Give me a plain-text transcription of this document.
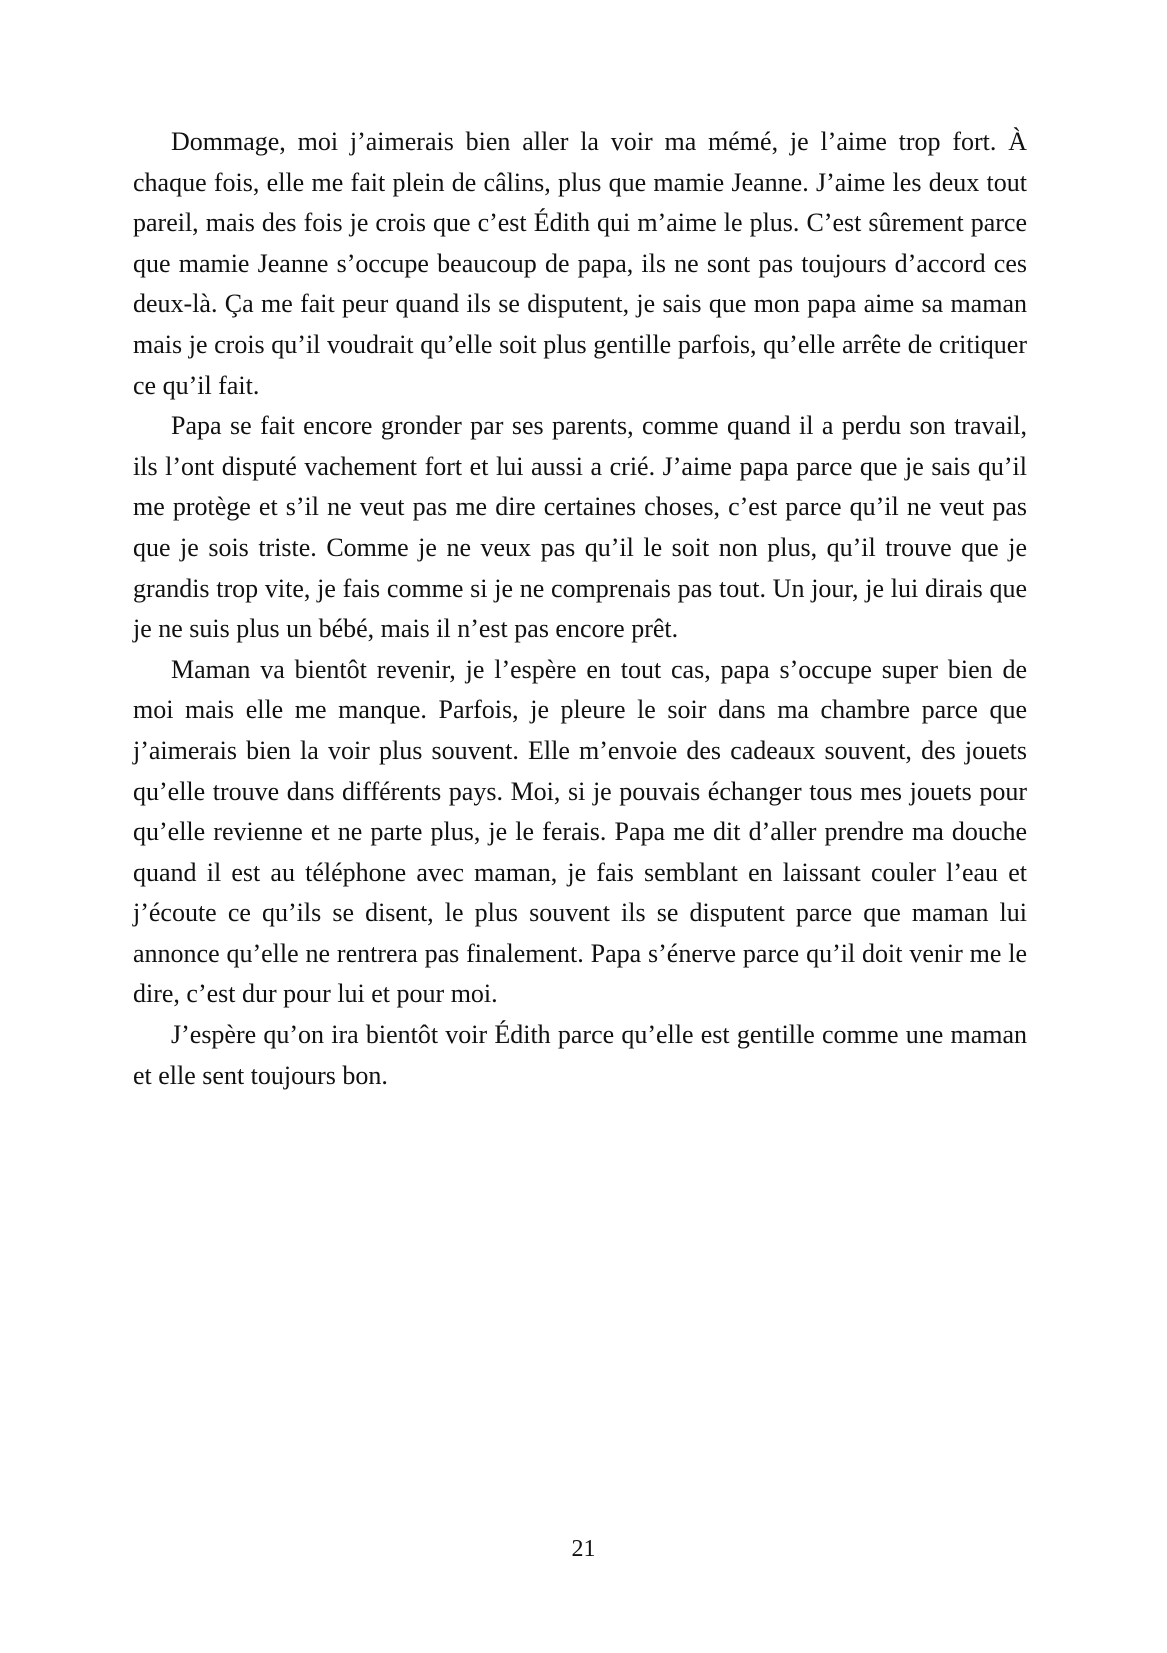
Dommage, moi j’aimerais bien aller la voir ma mémé, je l’aime trop fort. À chaque fois, elle me fait plein de câlins, plus que mamie Jeanne. J’aime les deux tout pareil, mais des fois je crois que c’est Édith qui m’aime le plus. C’est sûrement parce que mamie Jeanne s’occupe beaucoup de papa, ils ne sont pas toujours d’accord ces deux-là. Ça me fait peur quand ils se disputent, je sais que mon papa aime sa maman mais je crois qu’il voudrait qu’elle soit plus gentille parfois, qu’elle arrête de critiquer ce qu’il fait.

Papa se fait encore gronder par ses parents, comme quand il a perdu son travail, ils l’ont disputé vachement fort et lui aussi a crié. J’aime papa parce que je sais qu’il me protège et s’il ne veut pas me dire certaines choses, c’est parce qu’il ne veut pas que je sois triste. Comme je ne veux pas qu’il le soit non plus, qu’il trouve que je grandis trop vite, je fais comme si je ne comprenais pas tout. Un jour, je lui dirais que je ne suis plus un bébé, mais il n’est pas encore prêt.

Maman va bientôt revenir, je l’espère en tout cas, papa s’occupe super bien de moi mais elle me manque. Parfois, je pleure le soir dans ma chambre parce que j’aimerais bien la voir plus souvent. Elle m’envoie des cadeaux souvent, des jouets qu’elle trouve dans différents pays. Moi, si je pouvais échanger tous mes jouets pour qu’elle revienne et ne parte plus, je le ferais. Papa me dit d’aller prendre ma douche quand il est au téléphone avec maman, je fais semblant en laissant couler l’eau et j’écoute ce qu’ils se disent, le plus souvent ils se disputent parce que maman lui annonce qu’elle ne rentrera pas finalement. Papa s’énerve parce qu’il doit venir me le dire, c’est dur pour lui et pour moi.

J’espère qu’on ira bientôt voir Édith parce qu’elle est gentille comme une maman et elle sent toujours bon.

21
